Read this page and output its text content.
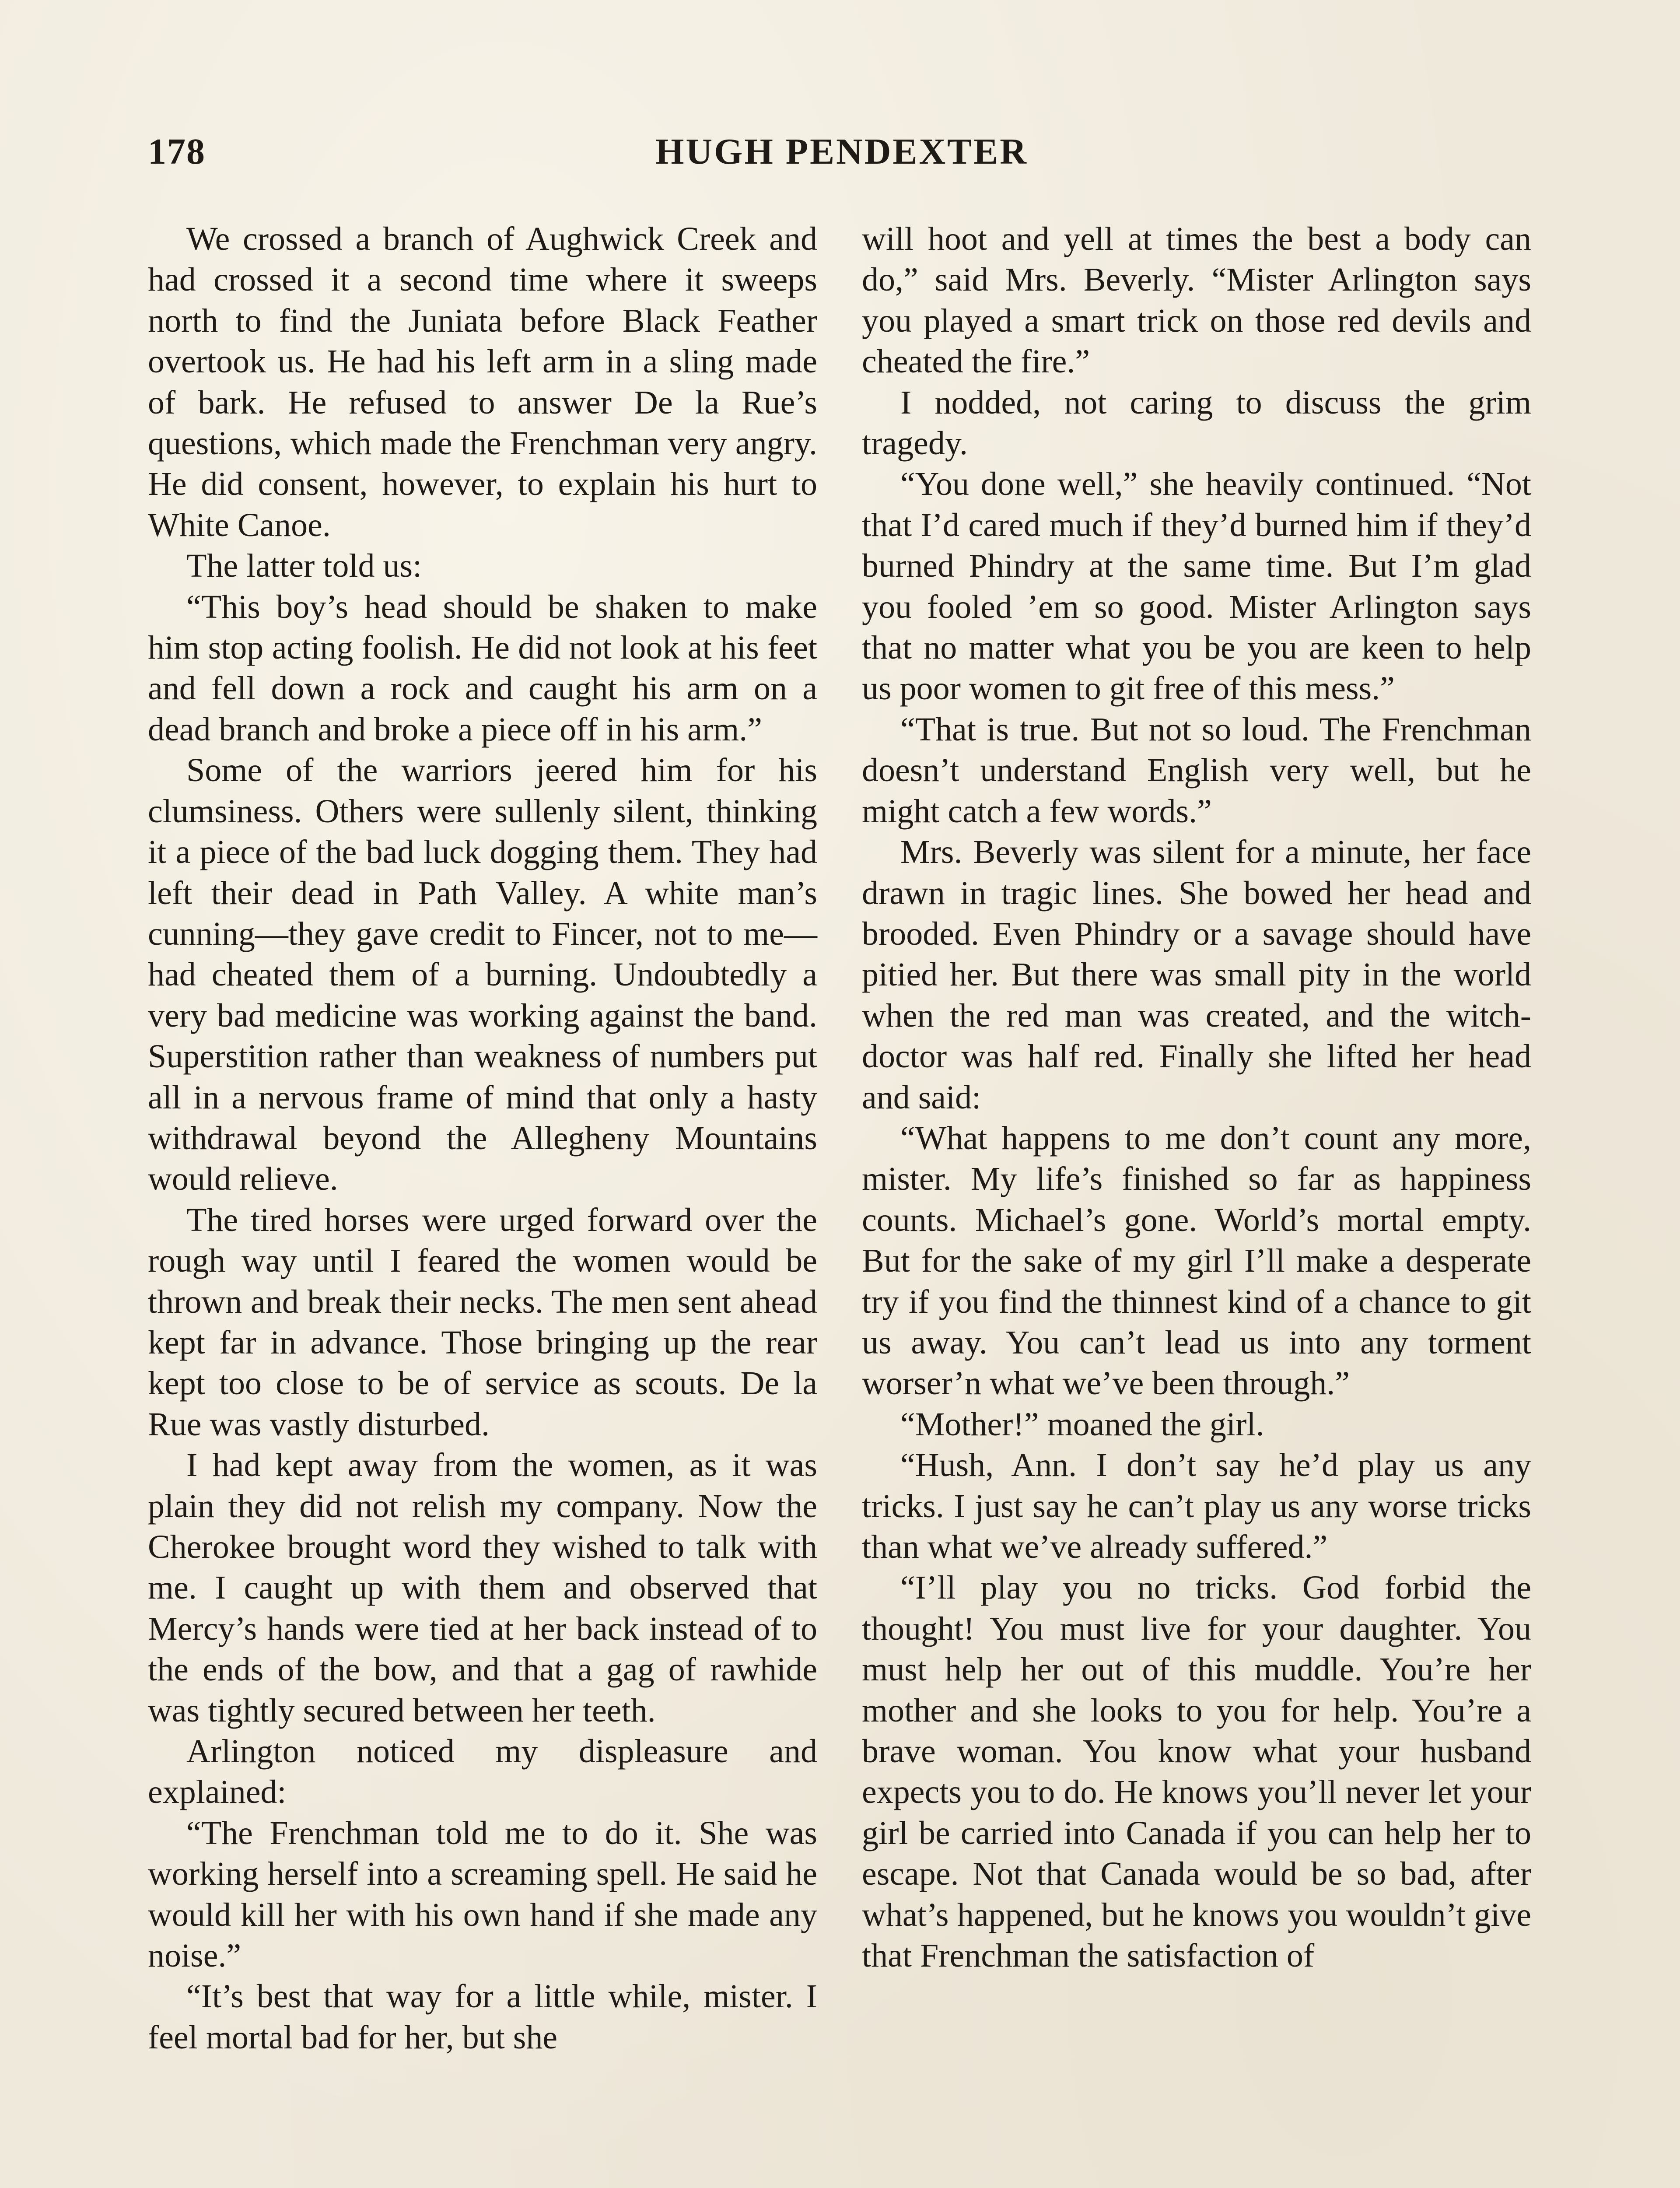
178	HUGH PENDEXTER

We crossed a branch of Aughwick Creek and had crossed it a second time where it sweeps north to find the Juniata before Black Feather overtook us. He had his left arm in a sling made of bark. He refused to answer De la Rue’s questions, which made the Frenchman very angry. He did consent, however, to explain his hurt to White Canoe.

The latter told us:

“This boy’s head should be shaken to make him stop acting foolish. He did not look at his feet and fell down a rock and caught his arm on a dead branch and broke a piece off in his arm.”

Some of the warriors jeered him for his clumsiness. Others were sullenly silent, thinking it a piece of the bad luck dogging them. They had left their dead in Path Valley. A white man’s cunning—they gave credit to Fincer, not to me—had cheated them of a burning. Undoubtedly a very bad medicine was working against the band. Superstition rather than weakness of numbers put all in a nervous frame of mind that only a hasty withdrawal beyond the Allegheny Mountains would relieve.

The tired horses were urged forward over the rough way until I feared the women would be thrown and break their necks. The men sent ahead kept far in advance. Those bringing up the rear kept too close to be of service as scouts. De la Rue was vastly disturbed.

I had kept away from the women, as it was plain they did not relish my company. Now the Cherokee brought word they wished to talk with me. I caught up with them and observed that Mercy’s hands were tied at her back instead of to the ends of the bow, and that a gag of rawhide was tightly secured between her teeth.

Arlington noticed my displeasure and explained:

“The Frenchman told me to do it. She was working herself into a screaming spell. He said he would kill her with his own hand if she made any noise.”

“It’s best that way for a little while, mister. I feel mortal bad for her, but she

will hoot and yell at times the best a body can do,” said Mrs. Beverly. “Mister Arlington says you played a smart trick on those red devils and cheated the fire.”

I nodded, not caring to discuss the grim tragedy.

“You done well,” she heavily continued. “Not that I’d cared much if they’d burned him if they’d burned Phindry at the same time. But I’m glad you fooled ’em so good. Mister Arlington says that no matter what you be you are keen to help us poor women to git free of this mess.”

“That is true. But not so loud. The Frenchman doesn’t understand English very well, but he might catch a few words.”

Mrs. Beverly was silent for a minute, her face drawn in tragic lines. She bowed her head and brooded. Even Phindry or a savage should have pitied her. But there was small pity in the world when the red man was created, and the witch-doctor was half red. Finally she lifted her head and said:

“What happens to me don’t count any more, mister. My life’s finished so far as happiness counts. Michael’s gone. World’s mortal empty. But for the sake of my girl I’ll make a desperate try if you find the thinnest kind of a chance to git us away. You can’t lead us into any torment worser’n what we’ve been through.”

“Mother!” moaned the girl.

“Hush, Ann. I don’t say he’d play us any tricks. I just say he can’t play us any worse tricks than what we’ve already suffered.”

“I’ll play you no tricks. God forbid the thought! You must live for your daughter. You must help her out of this muddle. You’re her mother and she looks to you for help. You’re a brave woman. You know what your husband expects you to do. He knows you’ll never let your girl be carried into Canada if you can help her to escape. Not that Canada would be so bad, after what’s happened, but he knows you wouldn’t give that Frenchman the satisfaction of
